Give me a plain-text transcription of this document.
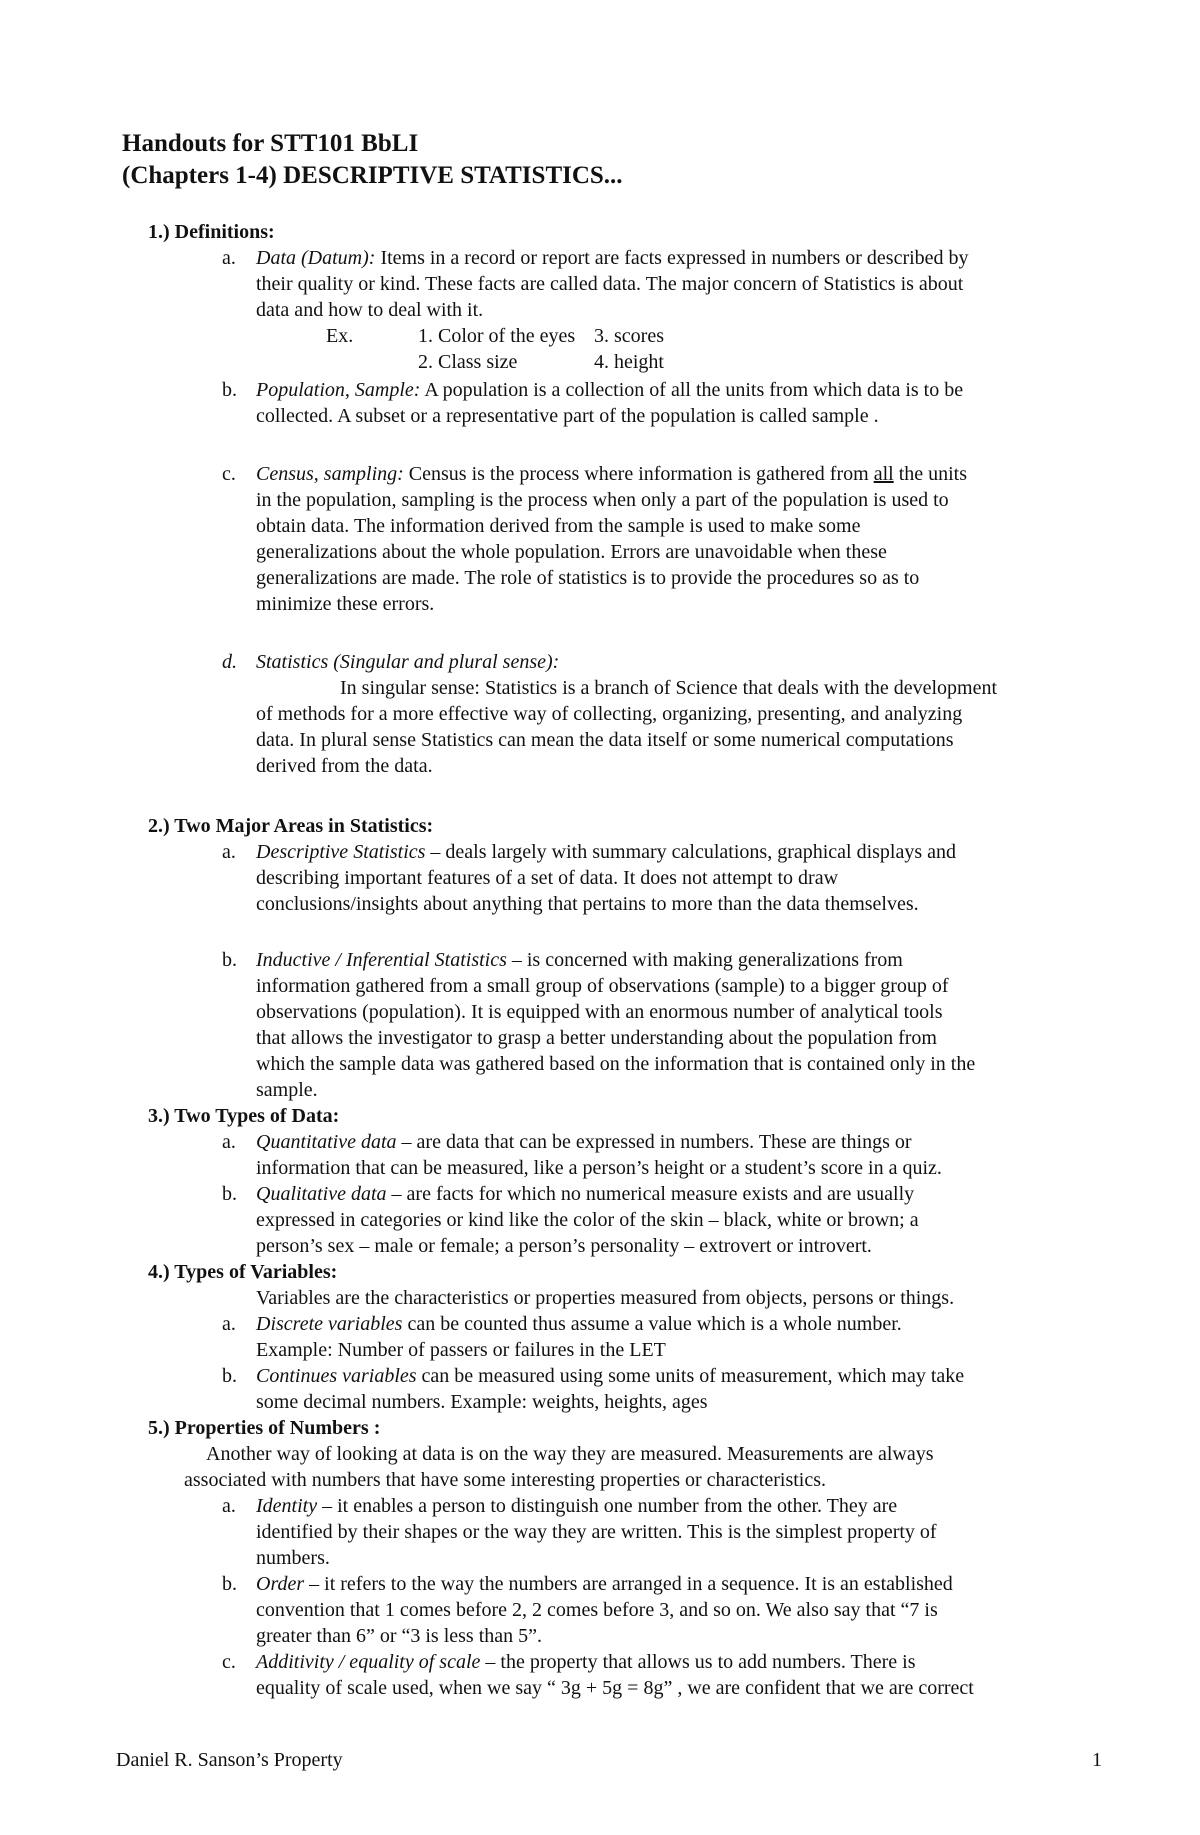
Handouts for STT101 BbLI
(Chapters 1-4) DESCRIPTIVE STATISTICS...
1.) Definitions:
a. Data (Datum): Items in a record or report are facts expressed in numbers or described by
their quality or kind. These facts are called data. The major concern of Statistics is about
data and how to deal with it.
Ex.	1. Color of the eyes 3. scores
2. Class size	4. height
b. Population, Sample: A population is a collection of all the units from which data is to be
collected. A subset or a representative part of the population is called sample .
c. Census, sampling: Census is the process where information is gathered from all the units
in the population, sampling is the process when only a part of the population is used to
obtain data. The information derived from the sample is used to make some
generalizations about the whole population. Errors are unavoidable when these
generalizations are made. The role of statistics is to provide the procedures so as to
minimize these errors.
d. Statistics (Singular and plural sense):
In singular sense: Statistics is a branch of Science that deals with the development
of methods for a more effective way of collecting, organizing, presenting, and analyzing
data. In plural sense Statistics can mean the data itself or some numerical computations
derived from the data.
2.) Two Major Areas in Statistics:
a. Descriptive Statistics – deals largely with summary calculations, graphical displays and
describing important features of a set of data. It does not attempt to draw
conclusions/insights about anything that pertains to more than the data themselves.
b. Inductive / Inferential Statistics – is concerned with making generalizations from
information gathered from a small group of observations (sample) to a bigger group of
observations (population). It is equipped with an enormous number of analytical tools
that allows the investigator to grasp a better understanding about the population from
which the sample data was gathered based on the information that is contained only in the
sample.
3.) Two Types of Data:
a. Quantitative data – are data that can be expressed in numbers. These are things or
information that can be measured, like a person’s height or a student’s score in a quiz.
b. Qualitative data – are facts for which no numerical measure exists and are usually
expressed in categories or kind like the color of the skin – black, white or brown; a
person’s sex – male or female; a person’s personality – extrovert or introvert.
4.) Types of Variables:
Variables are the characteristics or properties measured from objects, persons or things.
a. Discrete variables can be counted thus assume a value which is a whole number.
Example: Number of passers or failures in the LET
b. Continues variables can be measured using some units of measurement, which may take
some decimal numbers. Example: weights, heights, ages
5.) Properties of Numbers :
Another way of looking at data is on the way they are measured. Measurements are always
associated with numbers that have some interesting properties or characteristics.
a. Identity – it enables a person to distinguish one number from the other. They are
identified by their shapes or the way they are written. This is the simplest property of
numbers.
b. Order – it refers to the way the numbers are arranged in a sequence. It is an established
convention that 1 comes before 2, 2 comes before 3, and so on. We also say that “7 is
greater than 6” or “3 is less than 5”.
c. Additivity / equality of scale – the property that allows us to add numbers. There is
equality of scale used, when we say “ 3g + 5g = 8g” , we are confident that we are correct
Daniel R. Sanson’s Property	1
